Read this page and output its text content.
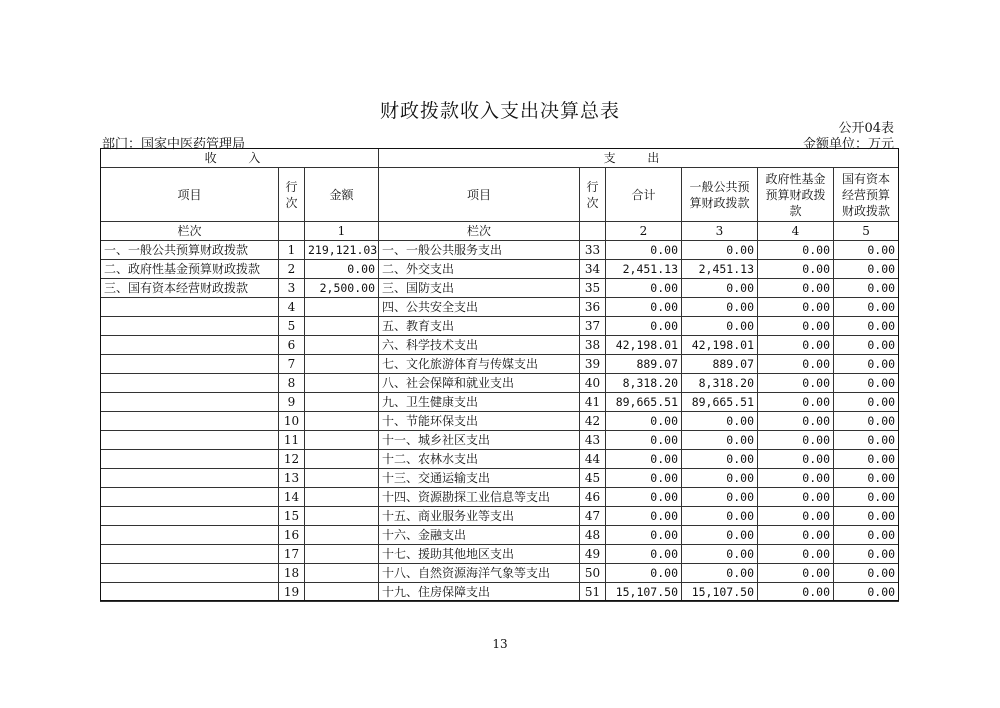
财政拨款收入支出决算总表
公开04表
部门：国家中医药管理局	金额单位：万元
收 入			支 出					
项目	行次	金额	项目	行次	合计	一般公共预算财政拨款	政府性基金预算财政拨款	国有资本经营预算财政拨款
栏次		1	栏次		2	3	4	5
一、一般公共预算财政拨款	1	219,121.03	一、一般公共服务支出	33	0.00	0.00	0.00	0.00
二、政府性基金预算财政拨款	2	0.00	二、外交支出	34	2,451.13	2,451.13	0.00	0.00
三、国有资本经营财政拨款	3	2,500.00	三、国防支出	35	0.00	0.00	0.00	0.00
	4		四、公共安全支出	36	0.00	0.00	0.00	0.00
	5		五、教育支出	37	0.00	0.00	0.00	0.00
	6		六、科学技术支出	38	42,198.01	42,198.01	0.00	0.00
	7		七、文化旅游体育与传媒支出	39	889.07	889.07	0.00	0.00
	8		八、社会保障和就业支出	40	8,318.20	8,318.20	0.00	0.00
	9		九、卫生健康支出	41	89,665.51	89,665.51	0.00	0.00
	10		十、节能环保支出	42	0.00	0.00	0.00	0.00
	11		十一、城乡社区支出	43	0.00	0.00	0.00	0.00
	12		十二、农林水支出	44	0.00	0.00	0.00	0.00
	13		十三、交通运输支出	45	0.00	0.00	0.00	0.00
	14		十四、资源勘探工业信息等支出	46	0.00	0.00	0.00	0.00
	15		十五、商业服务业等支出	47	0.00	0.00	0.00	0.00
	16		十六、金融支出	48	0.00	0.00	0.00	0.00
	17		十七、援助其他地区支出	49	0.00	0.00	0.00	0.00
	18		十八、自然资源海洋气象等支出	50	0.00	0.00	0.00	0.00
	19		十九、住房保障支出	51	15,107.50	15,107.50	0.00	0.00
13
